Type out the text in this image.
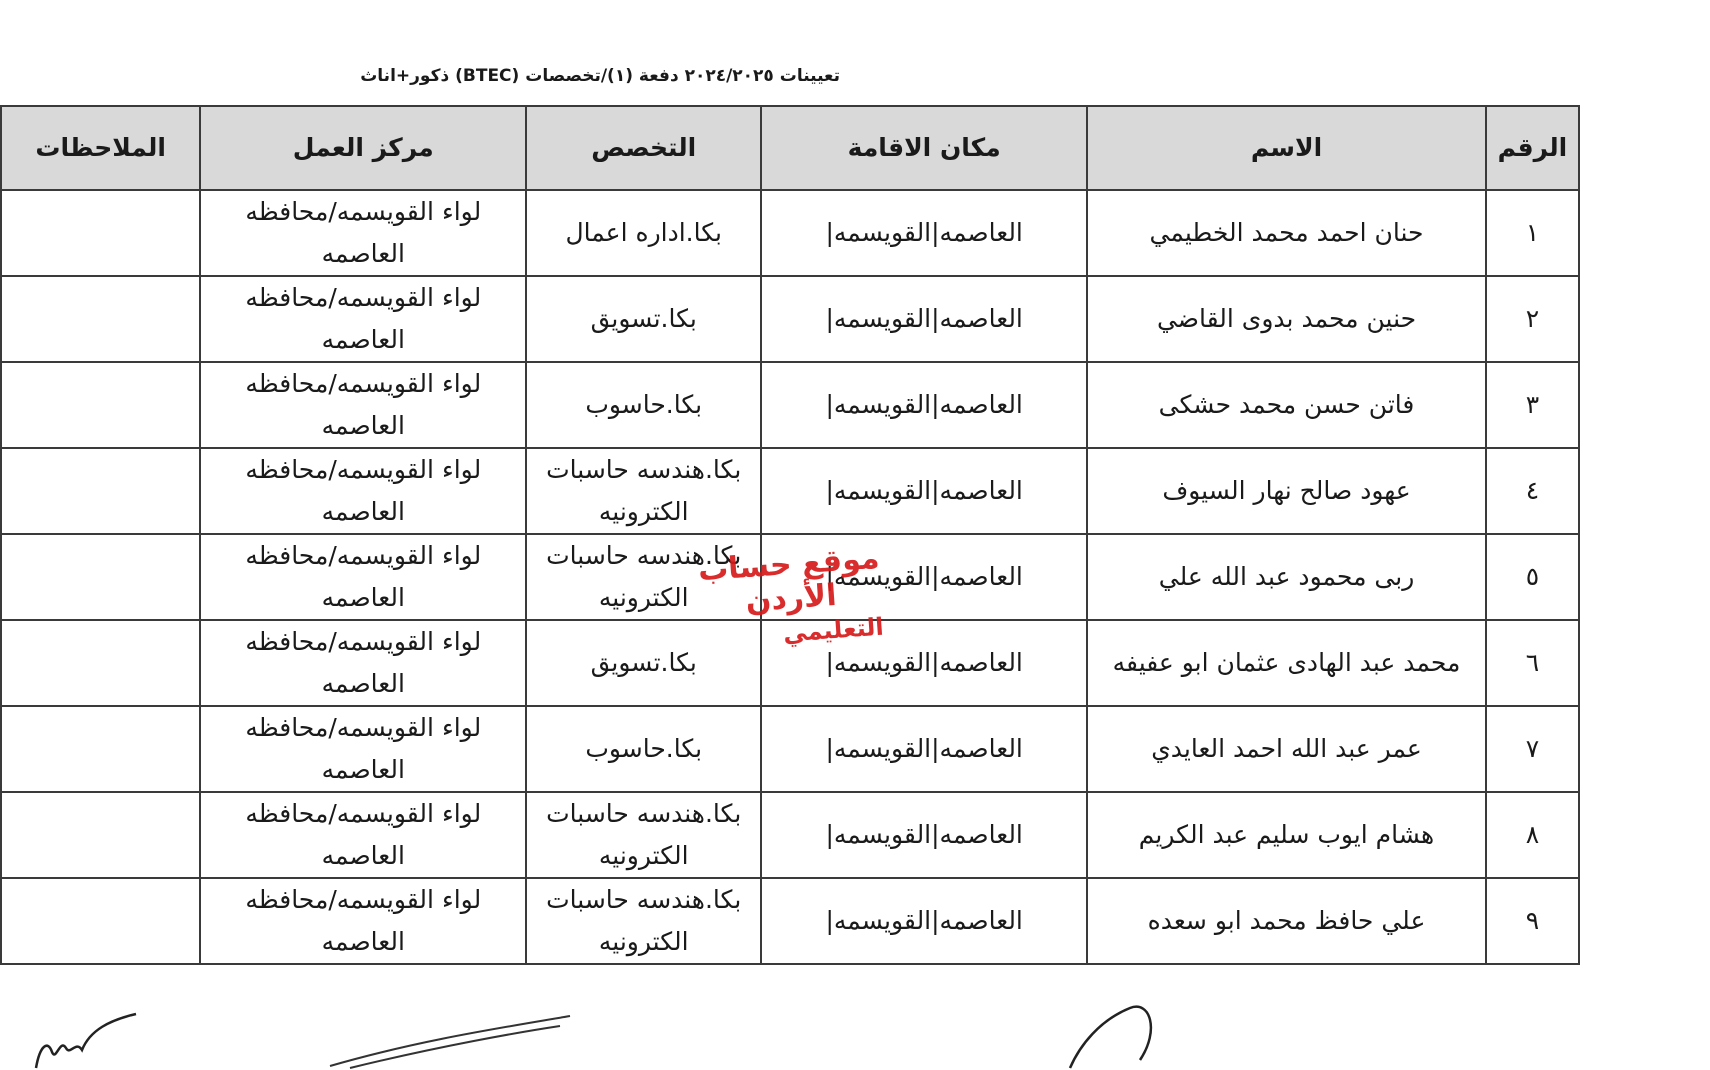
تعيينات ٢٠٢٤/٢٠٢٥ دفعة (١)/تخصصات (BTEC) ذكور+اناث
الرقم	الاسم	مكان الاقامة	التخصص	مركز العمل	الملاحظات
١	حنان احمد محمد الخطيمي	العاصمه|القويسمه|	بكا.اداره اعمال	لواء القويسمه/محافظه العاصمه	
٢	حنين محمد بدوى القاضي	العاصمه|القويسمه|	بكا.تسويق	لواء القويسمه/محافظه العاصمه	
٣	فاتن حسن محمد حشكى	العاصمه|القويسمه|	بكا.حاسوب	لواء القويسمه/محافظه العاصمه	
٤	عهود صالح نهار السيوف	العاصمه|القويسمه|	بكا.هندسه حاسبات الكترونيه	لواء القويسمه/محافظه العاصمه	
٥	ربى محمود عبد الله علي	العاصمه|القويسمه|	بكا.هندسه حاسبات الكترونيه	لواء القويسمه/محافظه العاصمه	
٦	محمد عبد الهادى عثمان ابو عفيفه	العاصمه|القويسمه|	بكا.تسويق	لواء القويسمه/محافظه العاصمه	
٧	عمر عبد الله احمد العايدي	العاصمه|القويسمه|	بكا.حاسوب	لواء القويسمه/محافظه العاصمه	
٨	هشام ايوب سليم عبد الكريم	العاصمه|القويسمه|	بكا.هندسه حاسبات الكترونيه	لواء القويسمه/محافظه العاصمه	
٩	علي حافظ محمد ابو سعده	العاصمه|القويسمه|	بكا.هندسه حاسبات الكترونيه	لواء القويسمه/محافظه العاصمه	
موقع حساب الأردن
التعليمي
